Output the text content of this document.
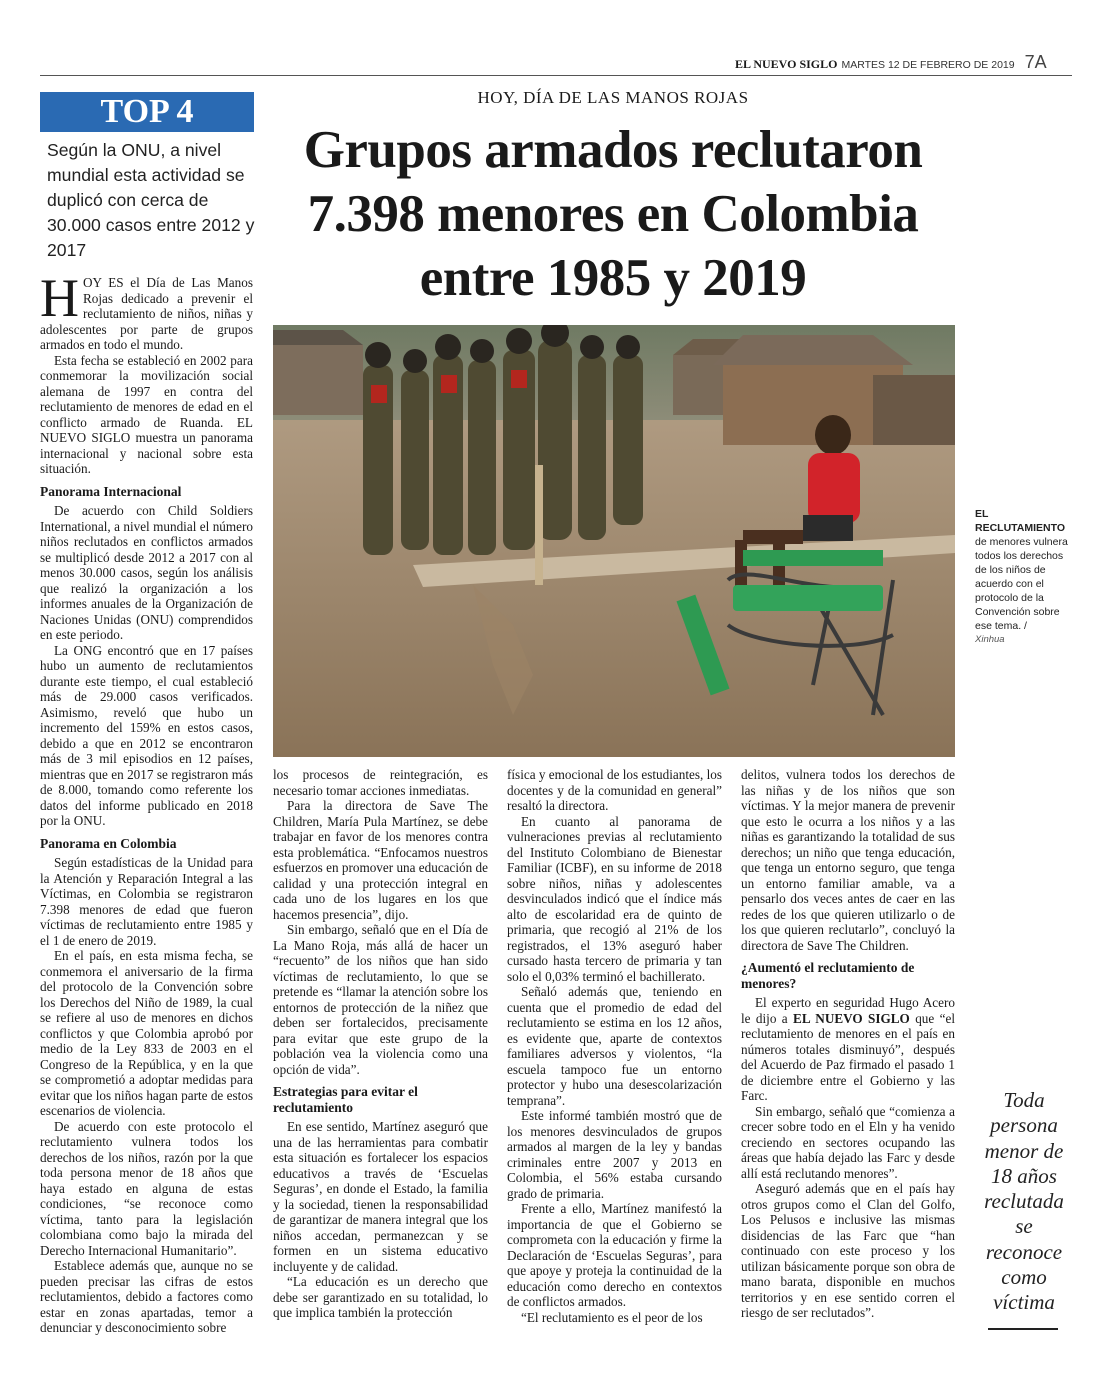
EL NUEVO SIGLO MARTES 12 DE FEBRERO DE 2019 7A
TOP 4
Según la ONU, a nivel mundial esta actividad se duplicó con cerca de 30.000 casos entre 2012 y 2017
HOY, DÍA DE LAS MANOS ROJAS
Grupos armados reclutaron
7.398 menores en Colombia
entre 1985 y 2019
EL
RECLUTAMIENTO
de menores vulnera todos los derechos de los niños de acuerdo con el protocolo de la Convención sobre ese tema. /
Xinhua
Toda
persona
menor de
18 años
reclutada
se
reconoce
como
víctima

HOY ES el Día de Las Manos Rojas dedicado a prevenir el reclutamiento de niños, niñas y adolescentes por parte de grupos armados en todo el mundo.

Esta fecha se estableció en 2002 para conmemorar la movilización social alemana de 1997 en contra del reclutamiento de menores de edad en el conflicto armado de Ruanda. EL NUEVO SIGLO muestra un panorama internacional y nacional sobre esta situación.

Panorama Internacional

De acuerdo con Child Soldiers International, a nivel mundial el número niños reclutados en conflictos armados se multiplicó desde 2012 a 2017 con al menos 30.000 casos, según los análisis que realizó la organización a los informes anuales de la Organización de Naciones Unidas (ONU) comprendidos en este periodo.

La ONG encontró que en 17 países hubo un aumento de reclutamientos durante este tiempo, el cual estableció más de 29.000 casos verificados. Asimismo, reveló que hubo un incremento del 159% en estos casos, debido a que en 2012 se encontraron más de 3 mil episodios en 12 países, mientras que en 2017 se registraron más de 8.000, tomando como referente los datos del informe publicado en 2018 por la ONU.

Panorama en Colombia

Según estadísticas de la Unidad para la Atención y Reparación Integral a las Víctimas, en Colombia se registraron 7.398 menores de edad que fueron víctimas de reclutamiento entre 1985 y el 1 de enero de 2019.

En el país, en esta misma fecha, se conmemora el aniversario de la firma del protocolo de la Convención sobre los Derechos del Niño de 1989, la cual se refiere al uso de menores en dichos conflictos y que Colombia aprobó por medio de la Ley 833 de 2003 en el Congreso de la República, y en la que se comprometió a adoptar medidas para evitar que los niños hagan parte de estos escenarios de violencia.

De acuerdo con este protocolo el reclutamiento vulnera todos los derechos de los niños, razón por la que toda persona menor de 18 años que haya estado en alguna de estas condiciones, “se reconoce como víctima, tanto para la legislación colombiana como bajo la mirada del Derecho Internacional Humanitario”.

Establece además que, aunque no se pueden precisar las cifras de estos reclutamientos, debido a factores como estar en zonas apartadas, temor a denunciar y desconocimiento sobre

los procesos de reintegración, es necesario tomar acciones inmediatas.

Para la directora de Save The Children, María Pula Martínez, se debe trabajar en favor de los menores contra esta problemática. “Enfocamos nuestros esfuerzos en promover una educación de calidad y una protección integral en cada uno de los lugares en los que hacemos presencia”, dijo.

Sin embargo, señaló que en el Día de La Mano Roja, más allá de hacer un “recuento” de los niños que han sido víctimas de reclutamiento, lo que se pretende es “llamar la atención sobre los entornos de protección de la niñez que deben ser fortalecidos, precisamente para evitar que este grupo de la población vea la violencia como una opción de vida”.

Estrategias para evitar el reclutamiento

En ese sentido, Martínez aseguró que una de las herramientas para combatir esta situación es fortalecer los espacios educativos a través de ‘Escuelas Seguras’, en donde el Estado, la familia y la sociedad, tienen la responsabilidad de garantizar de manera integral que los niños accedan, permanezcan y se formen en un sistema educativo incluyente y de calidad.

“La educación es un derecho que debe ser garantizado en su totalidad, lo que implica también la protección

física y emocional de los estudiantes, los docentes y de la comunidad en general” resaltó la directora.

En cuanto al panorama de vulneraciones previas al reclutamiento del Instituto Colombiano de Bienestar Familiar (ICBF), en su informe de 2018 sobre niños, niñas y adolescentes desvinculados indicó que el índice más alto de escolaridad era de quinto de primaria, que recogió al 21% de los registrados, el 13% aseguró haber cursado hasta tercero de primaria y tan solo el 0,03% terminó el bachillerato.

Señaló además que, teniendo en cuenta que el promedio de edad del reclutamiento se estima en los 12 años, es evidente que, aparte de contextos familiares adversos y violentos, “la escuela tampoco fue un entorno protector y hubo una desescolarización temprana”.

Este informé también mostró que de los menores desvinculados de grupos armados al margen de la ley y bandas criminales entre 2007 y 2013 en Colombia, el 56% estaba cursando grado de primaria.

Frente a ello, Martínez manifestó la importancia de que el Gobierno se comprometa con la educación y firme la Declaración de ‘Escuelas Seguras’, para que apoye y proteja la continuidad de la educación como derecho en contextos de conflictos armados.

“El reclutamiento es el peor de los

delitos, vulnera todos los derechos de las niñas y de los niños que son víctimas. Y la mejor manera de prevenir que esto le ocurra a los niños y a las niñas es garantizando la totalidad de sus derechos; un niño que tenga educación, que tenga un entorno seguro, que tenga un entorno familiar amable, va a pensarlo dos veces antes de caer en las redes de los que quieren utilizarlo o de los que quieren reclutarlo”, concluyó la directora de Save The Children.

¿Aumentó el reclutamiento de menores?

El experto en seguridad Hugo Acero le dijo a EL NUEVO SIGLO que “el reclutamiento de menores en el país en números totales disminuyó”, después del Acuerdo de Paz firmado el pasado 1 de diciembre entre el Gobierno y las Farc.

Sin embargo, señaló que “comienza a crecer sobre todo en el Eln y ha venido creciendo en sectores ocupando las áreas que había dejado las Farc y desde allí está reclutando menores”.

Aseguró además que en el país hay otros grupos como el Clan del Golfo, Los Pelusos e inclusive las mismas disidencias de las Farc que “han continuado con este proceso y los utilizan básicamente porque son obra de mano barata, disponible en muchos territorios y en ese sentido corren el riesgo de ser reclutados”.
